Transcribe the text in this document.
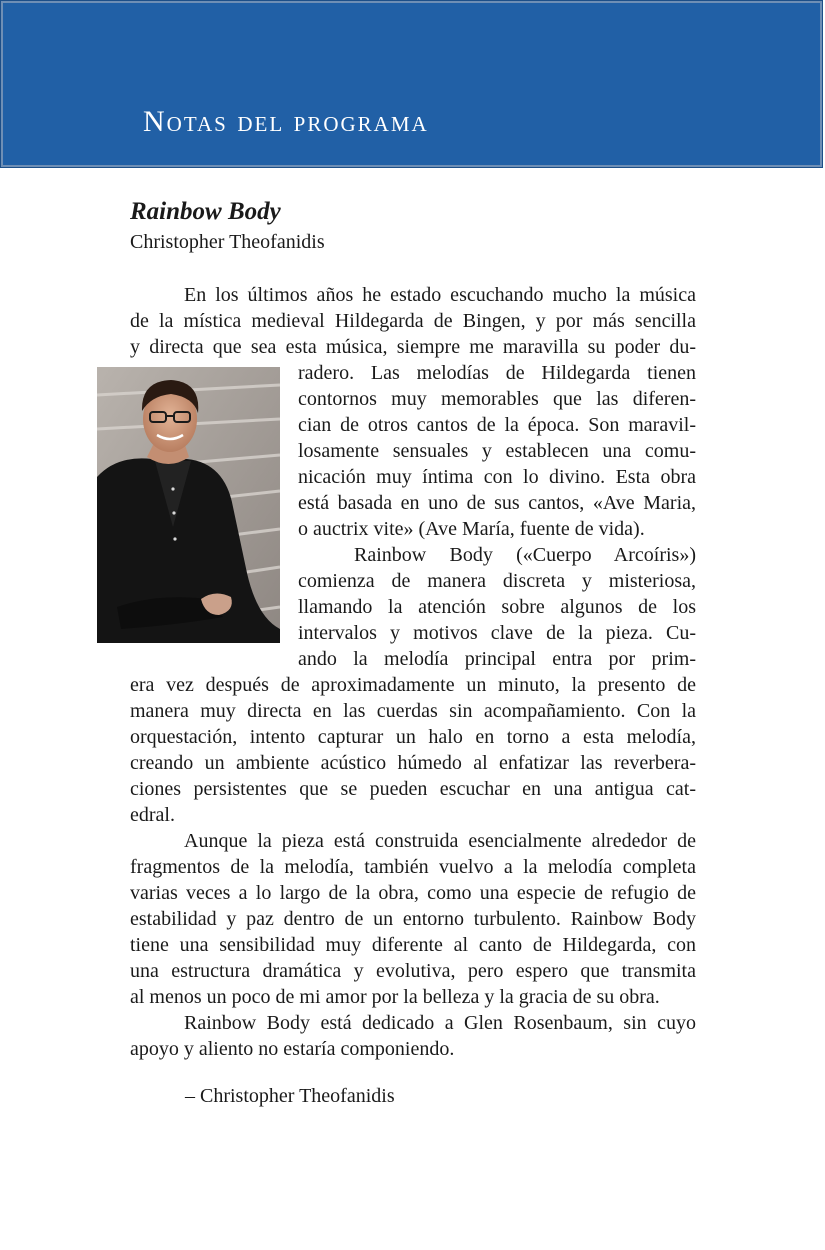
Notas del programa
Rainbow Body

Christopher Theofanidis

En los últimos años he estado escuchando mucho la música

de la mística medieval Hildegarda de Bingen, y por más sencilla

y directa que sea esta música, siempre me maravilla su poder du-

radero. Las melodías de Hildegarda tienen

contornos muy memorables que las diferen-

cian de otros cantos de la época. Son maravil-

losamente sensuales y establecen una comu-

nicación muy íntima con lo divino. Esta obra

está basada en uno de sus cantos, «Ave Maria,

o auctrix vite» (Ave María, fuente de vida).

Rainbow Body («Cuerpo Arcoíris»)

comienza de manera discreta y misteriosa,

llamando la atención sobre algunos de los

intervalos y motivos clave de la pieza. Cu-

ando la melodía principal entra por prim-

era vez después de aproximadamente un minuto, la presento de

manera muy directa en las cuerdas sin acompañamiento. Con la

orquestación, intento capturar un halo en torno a esta melodía,

creando un ambiente acústico húmedo al enfatizar las reverbera-

ciones persistentes que se pueden escuchar en una antigua cat-

edral.

Aunque la pieza está construida esencialmente alrededor de

fragmentos de la melodía, también vuelvo a la melodía completa

varias veces a lo largo de la obra, como una especie de refugio de

estabilidad y paz dentro de un entorno turbulento. Rainbow Body

tiene una sensibilidad muy diferente al canto de Hildegarda, con

una estructura dramática y evolutiva, pero espero que transmita

al menos un poco de mi amor por la belleza y la gracia de su obra.

Rainbow Body está dedicado a Glen Rosenbaum, sin cuyo

apoyo y aliento no estaría componiendo.

– Christopher Theofanidis
